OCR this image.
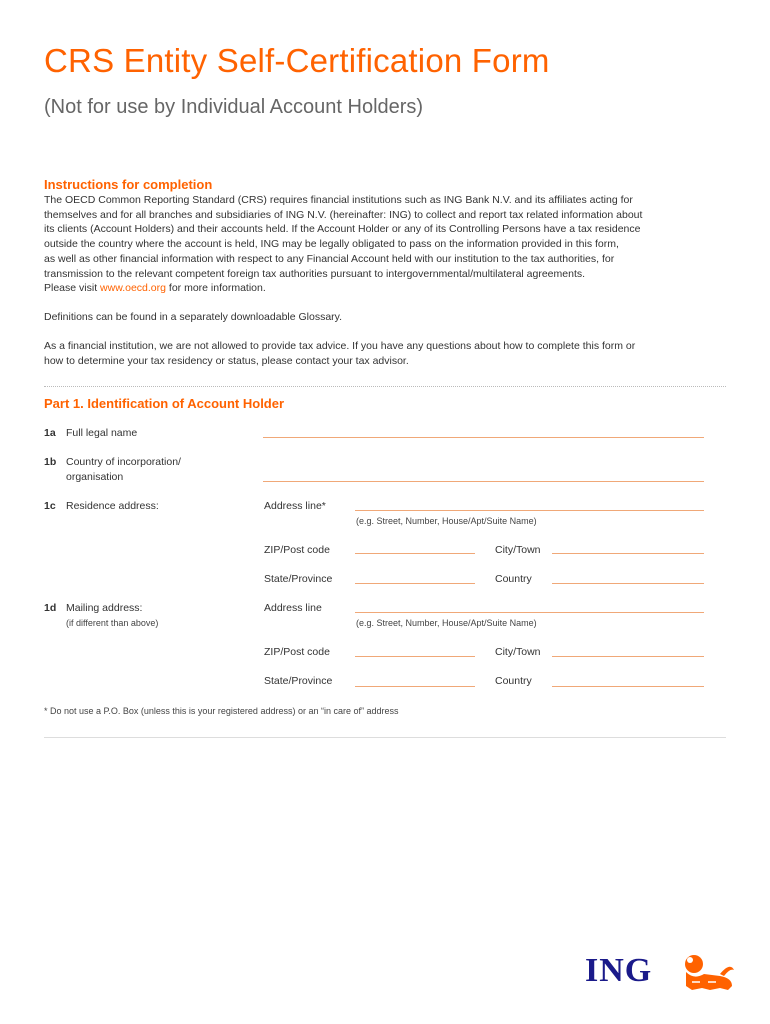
CRS Entity Self-Certification Form
(Not for use by Individual Account Holders)
Instructions for completion

The OECD Common Reporting Standard (CRS) requires financial institutions such as ING Bank N.V. and its affiliates acting for

themselves and for all branches and subsidiaries of ING N.V. (hereinafter: ING) to collect and report tax related information about

its clients (Account Holders) and their accounts held. If the Account Holder or any of its Controlling Persons have a tax residence

outside the country where the account is held, ING may be legally obligated to pass on the information provided in this form,

as well as other financial information with respect to any Financial Account held with our institution to the tax authorities, for

transmission to the relevant competent foreign tax authorities pursuant to intergovernmental/multilateral agreements.

Please visit www.oecd.org for more information.

Definitions can be found in a separately downloadable Glossary.

As a financial institution, we are not allowed to provide tax advice. If you have any questions about how to complete this form or

how to determine your tax residency or status, please contact your tax advisor.

Part 1. Identification of Account Holder
1a Full legal name
1b Country of incorporation/
organisation
1c Residence address:	Address line*
(e.g. Street, Number, House/Apt/Suite Name)
ZIP/Post code	City/Town
State/Province	Country
1d Mailing address:
(if different than above)
Address line
(e.g. Street, Number, House/Apt/Suite Name)
ZIP/Post code	City/Town
State/Province	Country
* Do not use a P.O. Box (unless this is your registered address) or an “in care of” address
ING
